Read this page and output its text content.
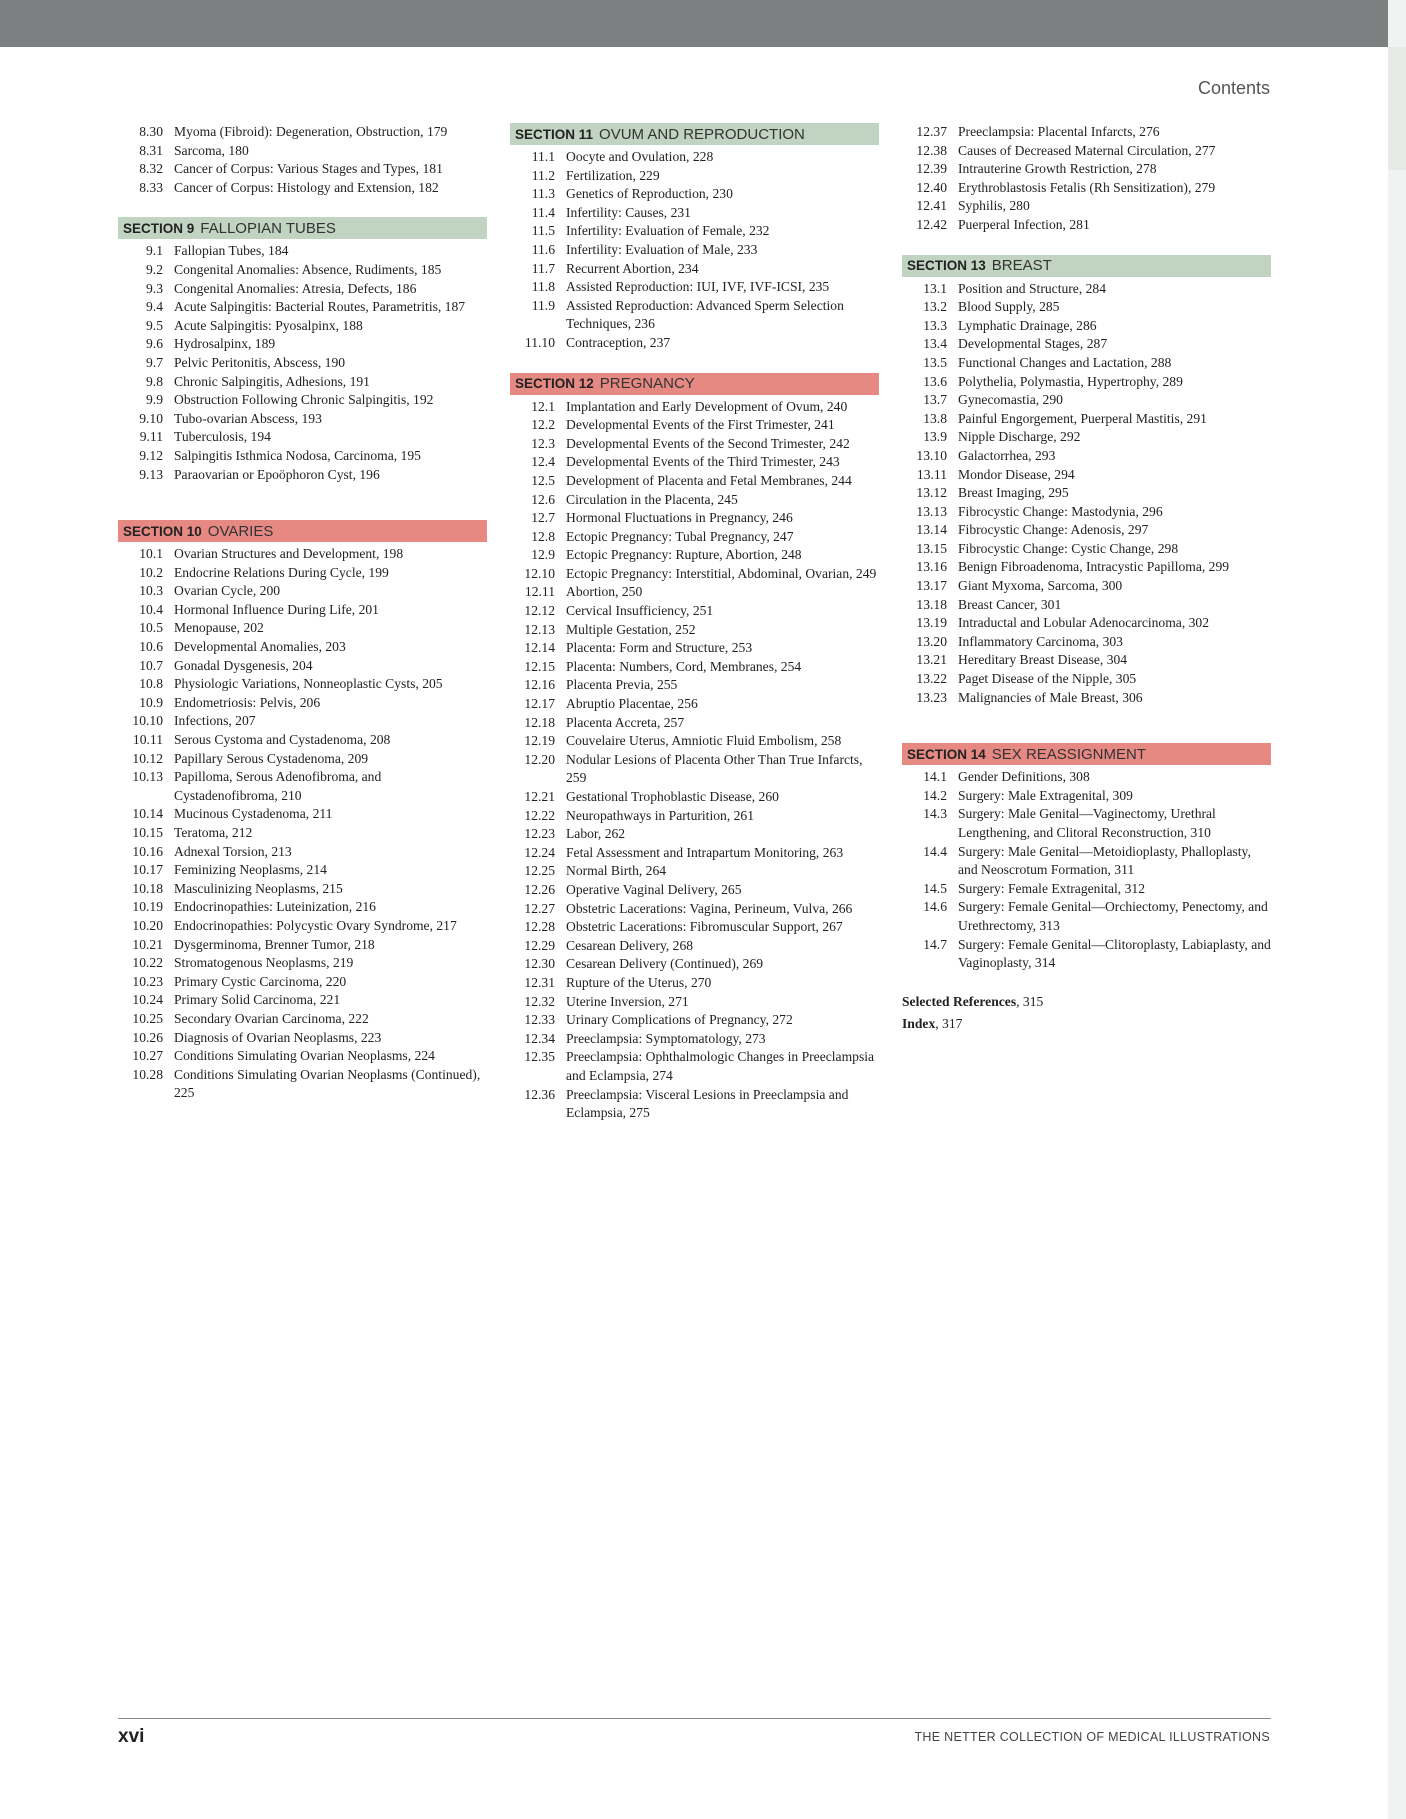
Contents
8.30 Myoma (Fibroid): Degeneration, Obstruction, 179
8.31 Sarcoma, 180
8.32 Cancer of Corpus: Various Stages and Types, 181
8.33 Cancer of Corpus: Histology and Extension, 182
SECTION 9 FALLOPIAN TUBES
9.1 Fallopian Tubes, 184
9.2 Congenital Anomalies: Absence, Rudiments, 185
9.3 Congenital Anomalies: Atresia, Defects, 186
9.4 Acute Salpingitis: Bacterial Routes, Parametritis, 187
9.5 Acute Salpingitis: Pyosalpinx, 188
9.6 Hydrosalpinx, 189
9.7 Pelvic Peritonitis, Abscess, 190
9.8 Chronic Salpingitis, Adhesions, 191
9.9 Obstruction Following Chronic Salpingitis, 192
9.10 Tubo-ovarian Abscess, 193
9.11 Tuberculosis, 194
9.12 Salpingitis Isthmica Nodosa, Carcinoma, 195
9.13 Paraovarian or Epoöphoron Cyst, 196
SECTION 10 OVARIES
10.1 Ovarian Structures and Development, 198
10.2 Endocrine Relations During Cycle, 199
10.3 Ovarian Cycle, 200
10.4 Hormonal Influence During Life, 201
10.5 Menopause, 202
10.6 Developmental Anomalies, 203
10.7 Gonadal Dysgenesis, 204
10.8 Physiologic Variations, Nonneoplastic Cysts, 205
10.9 Endometriosis: Pelvis, 206
10.10 Infections, 207
10.11 Serous Cystoma and Cystadenoma, 208
10.12 Papillary Serous Cystadenoma, 209
10.13 Papilloma, Serous Adenofibroma, and Cystadenofibroma, 210
10.14 Mucinous Cystadenoma, 211
10.15 Teratoma, 212
10.16 Adnexal Torsion, 213
10.17 Feminizing Neoplasms, 214
10.18 Masculinizing Neoplasms, 215
10.19 Endocrinopathies: Luteinization, 216
10.20 Endocrinopathies: Polycystic Ovary Syndrome, 217
10.21 Dysgerminoma, Brenner Tumor, 218
10.22 Stromatogenous Neoplasms, 219
10.23 Primary Cystic Carcinoma, 220
10.24 Primary Solid Carcinoma, 221
10.25 Secondary Ovarian Carcinoma, 222
10.26 Diagnosis of Ovarian Neoplasms, 223
10.27 Conditions Simulating Ovarian Neoplasms, 224
10.28 Conditions Simulating Ovarian Neoplasms (Continued), 225
SECTION 11 OVUM AND REPRODUCTION
11.1 Oocyte and Ovulation, 228
11.2 Fertilization, 229
11.3 Genetics of Reproduction, 230
11.4 Infertility: Causes, 231
11.5 Infertility: Evaluation of Female, 232
11.6 Infertility: Evaluation of Male, 233
11.7 Recurrent Abortion, 234
11.8 Assisted Reproduction: IUI, IVF, IVF-ICSI, 235
11.9 Assisted Reproduction: Advanced Sperm Selection Techniques, 236
11.10 Contraception, 237
SECTION 12 PREGNANCY
12.1 Implantation and Early Development of Ovum, 240
12.2 Developmental Events of the First Trimester, 241
12.3 Developmental Events of the Second Trimester, 242
12.4 Developmental Events of the Third Trimester, 243
12.5 Development of Placenta and Fetal Membranes, 244
12.6 Circulation in the Placenta, 245
12.7 Hormonal Fluctuations in Pregnancy, 246
12.8 Ectopic Pregnancy: Tubal Pregnancy, 247
12.9 Ectopic Pregnancy: Rupture, Abortion, 248
12.10 Ectopic Pregnancy: Interstitial, Abdominal, Ovarian, 249
12.11 Abortion, 250
12.12 Cervical Insufficiency, 251
12.13 Multiple Gestation, 252
12.14 Placenta: Form and Structure, 253
12.15 Placenta: Numbers, Cord, Membranes, 254
12.16 Placenta Previa, 255
12.17 Abruptio Placentae, 256
12.18 Placenta Accreta, 257
12.19 Couvelaire Uterus, Amniotic Fluid Embolism, 258
12.20 Nodular Lesions of Placenta Other Than True Infarcts, 259
12.21 Gestational Trophoblastic Disease, 260
12.22 Neuropathways in Parturition, 261
12.23 Labor, 262
12.24 Fetal Assessment and Intrapartum Monitoring, 263
12.25 Normal Birth, 264
12.26 Operative Vaginal Delivery, 265
12.27 Obstetric Lacerations: Vagina, Perineum, Vulva, 266
12.28 Obstetric Lacerations: Fibromuscular Support, 267
12.29 Cesarean Delivery, 268
12.30 Cesarean Delivery (Continued), 269
12.31 Rupture of the Uterus, 270
12.32 Uterine Inversion, 271
12.33 Urinary Complications of Pregnancy, 272
12.34 Preeclampsia: Symptomatology, 273
12.35 Preeclampsia: Ophthalmologic Changes in Preeclampsia and Eclampsia, 274
12.36 Preeclampsia: Visceral Lesions in Preeclampsia and Eclampsia, 275
12.37 Preeclampsia: Placental Infarcts, 276
12.38 Causes of Decreased Maternal Circulation, 277
12.39 Intrauterine Growth Restriction, 278
12.40 Erythroblastosis Fetalis (Rh Sensitization), 279
12.41 Syphilis, 280
12.42 Puerperal Infection, 281
SECTION 13 BREAST
13.1 Position and Structure, 284
13.2 Blood Supply, 285
13.3 Lymphatic Drainage, 286
13.4 Developmental Stages, 287
13.5 Functional Changes and Lactation, 288
13.6 Polythelia, Polymastia, Hypertrophy, 289
13.7 Gynecomastia, 290
13.8 Painful Engorgement, Puerperal Mastitis, 291
13.9 Nipple Discharge, 292
13.10 Galactorrhea, 293
13.11 Mondor Disease, 294
13.12 Breast Imaging, 295
13.13 Fibrocystic Change: Mastodynia, 296
13.14 Fibrocystic Change: Adenosis, 297
13.15 Fibrocystic Change: Cystic Change, 298
13.16 Benign Fibroadenoma, Intracystic Papilloma, 299
13.17 Giant Myxoma, Sarcoma, 300
13.18 Breast Cancer, 301
13.19 Intraductal and Lobular Adenocarcinoma, 302
13.20 Inflammatory Carcinoma, 303
13.21 Hereditary Breast Disease, 304
13.22 Paget Disease of the Nipple, 305
13.23 Malignancies of Male Breast, 306
SECTION 14 SEX REASSIGNMENT
14.1 Gender Definitions, 308
14.2 Surgery: Male Extragenital, 309
14.3 Surgery: Male Genital—Vaginectomy, Urethral Lengthening, and Clitoral Reconstruction, 310
14.4 Surgery: Male Genital—Metoidioplasty, Phalloplasty, and Neoscrotum Formation, 311
14.5 Surgery: Female Extragenital, 312
14.6 Surgery: Female Genital—Orchiectomy, Penectomy, and Urethrectomy, 313
14.7 Surgery: Female Genital—Clitoroplasty, Labiaplasty, and Vaginoplasty, 314
Selected References, 315
Index, 317
xvi	THE NETTER COLLECTION OF MEDICAL ILLUSTRATIONS
